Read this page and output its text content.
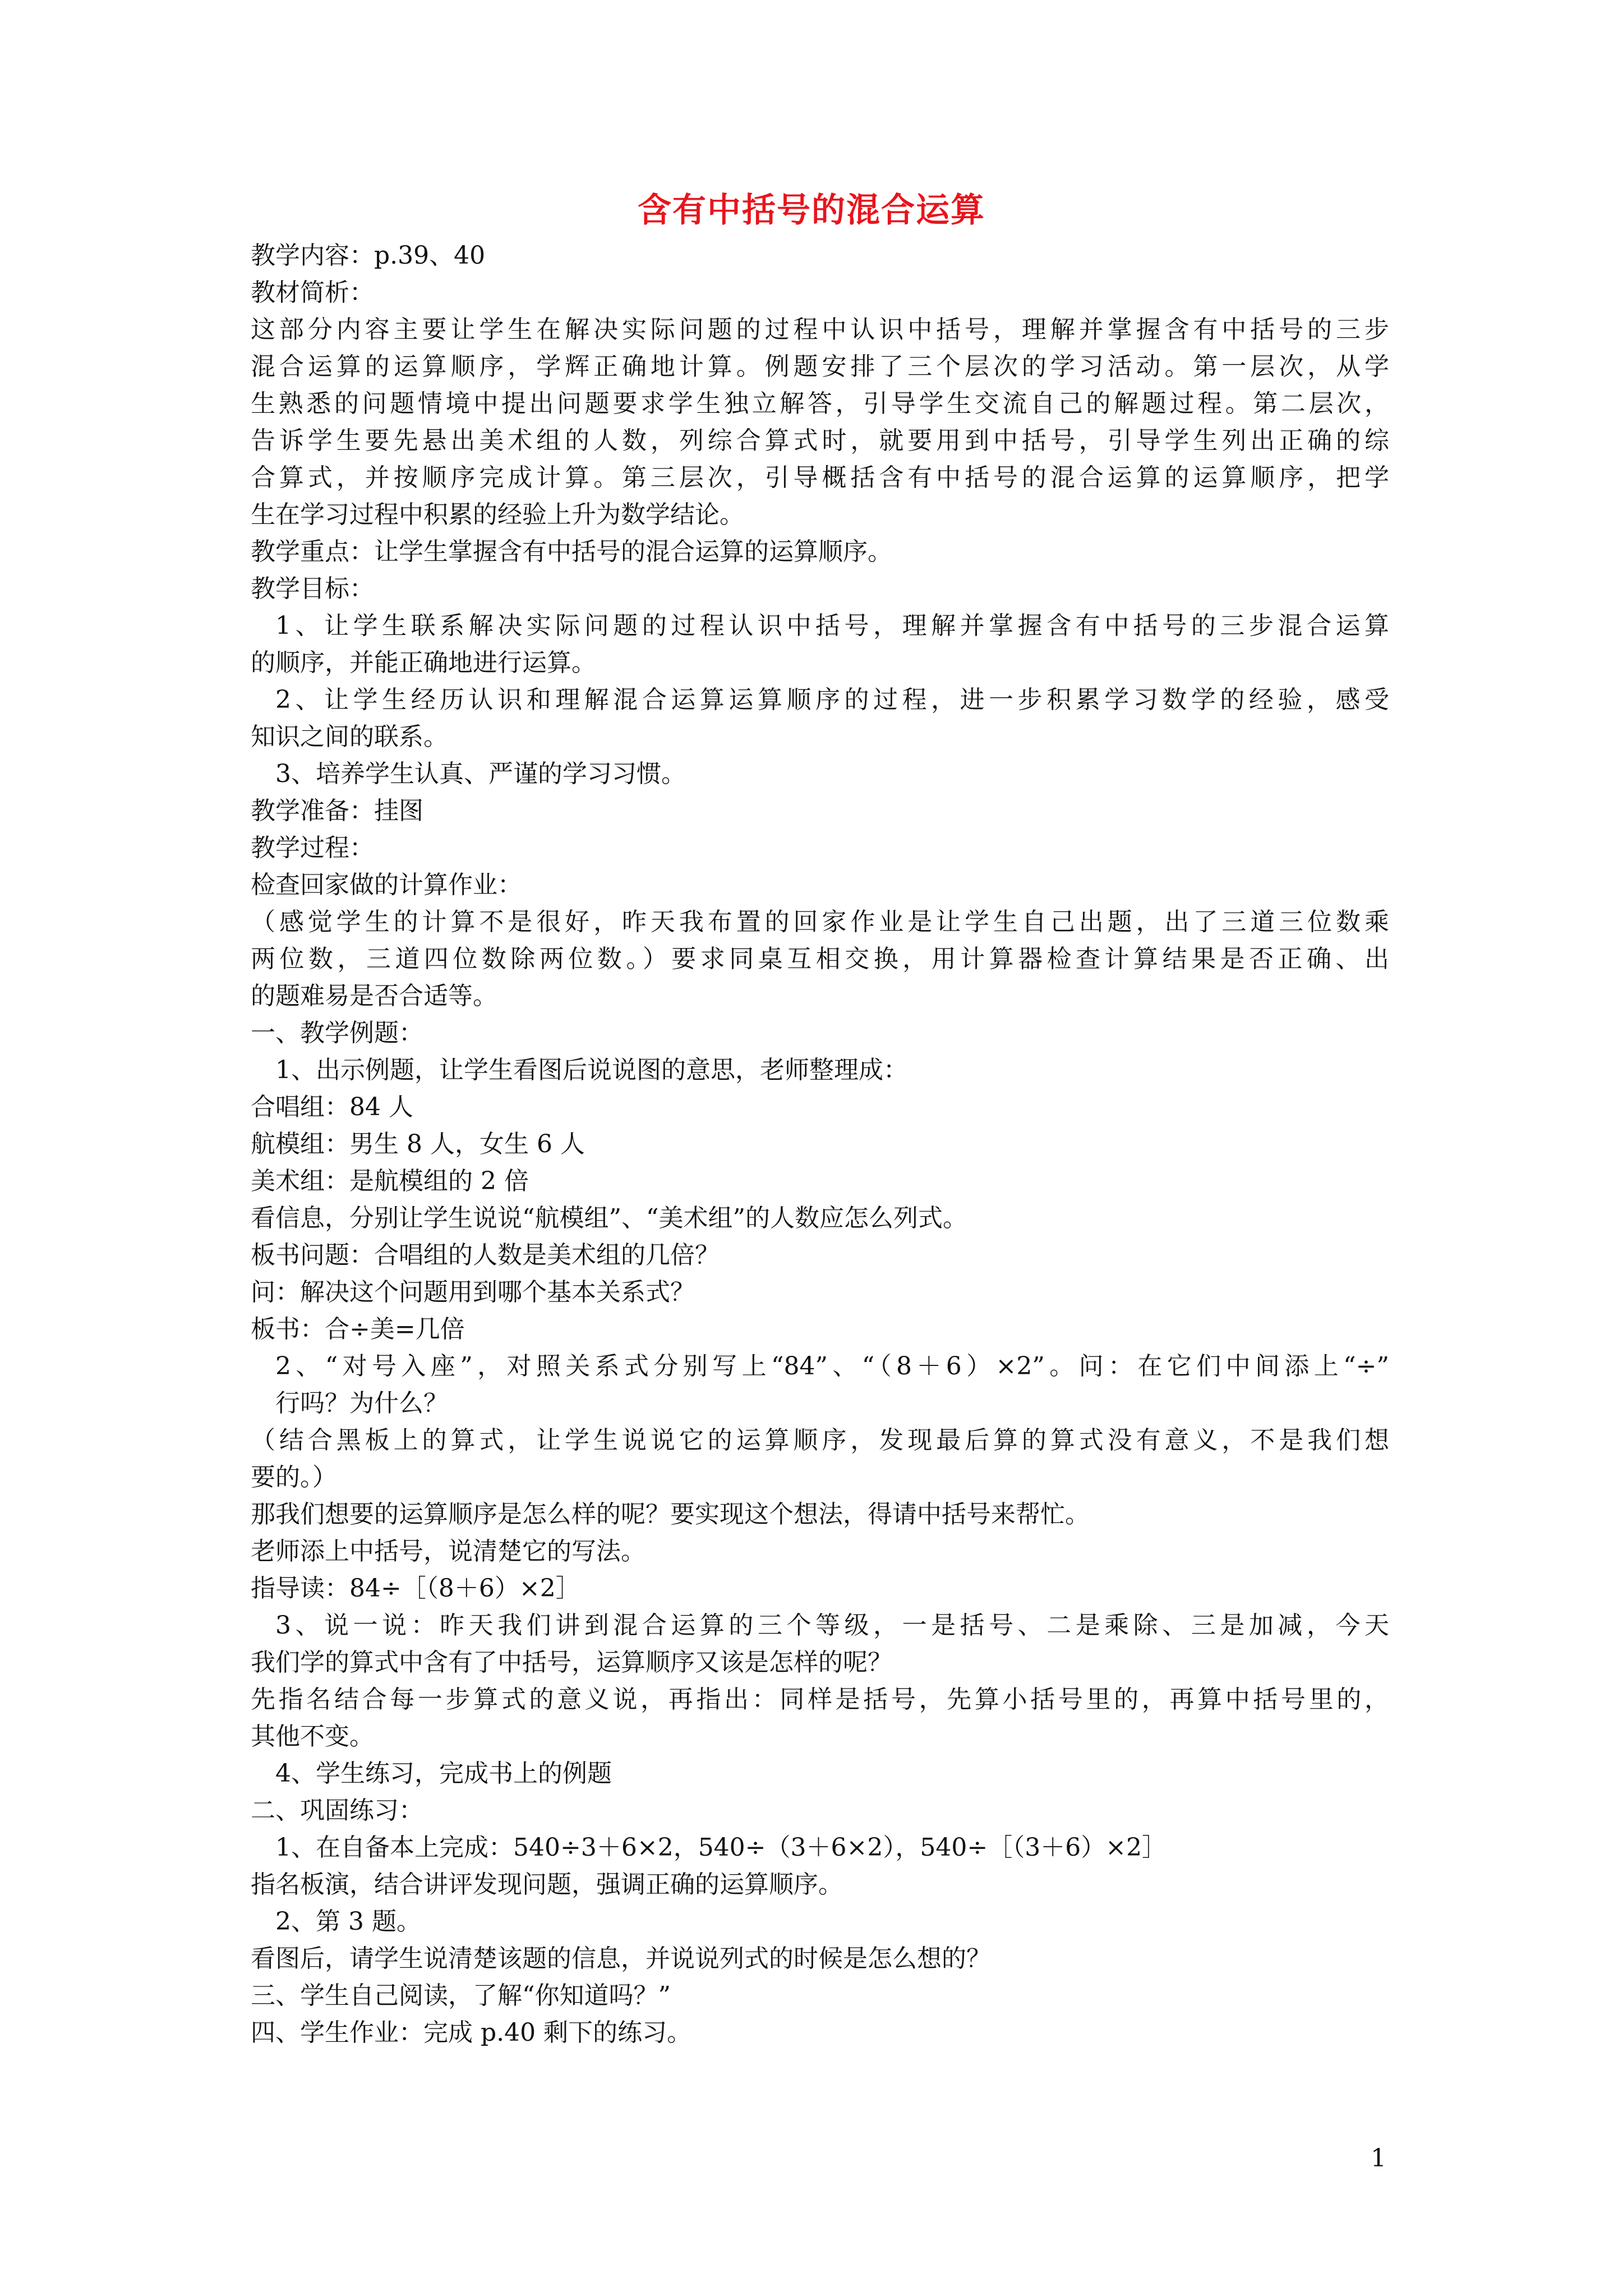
含有中括号的混合运算
教学内容：p.39、40
教材简析：
这部分内容主要让学生在解决实际问题的过程中认识中括号，理解并掌握含有中括号的三步
混合运算的运算顺序，学辉正确地计算。例题安排了三个层次的学习活动。第一层次，从学
生熟悉的问题情境中提出问题要求学生独立解答，引导学生交流自己的解题过程。第二层次，
告诉学生要先悬出美术组的人数，列综合算式时，就要用到中括号，引导学生列出正确的综
合算式，并按顺序完成计算。第三层次，引导概括含有中括号的混合运算的运算顺序，把学
生在学习过程中积累的经验上升为数学结论。
教学重点：让学生掌握含有中括号的混合运算的运算顺序。
教学目标：
1、让学生联系解决实际问题的过程认识中括号，理解并掌握含有中括号的三步混合运算
的顺序，并能正确地进行运算。
2、让学生经历认识和理解混合运算运算顺序的过程，进一步积累学习数学的经验，感受
知识之间的联系。
3、培养学生认真、严谨的学习习惯。
教学准备：挂图
教学过程：
检查回家做的计算作业：
（感觉学生的计算不是很好，昨天我布置的回家作业是让学生自己出题，出了三道三位数乘
两位数，三道四位数除两位数。）要求同桌互相交换，用计算器检查计算结果是否正确、出
的题难易是否合适等。
一、教学例题：
1、出示例题，让学生看图后说说图的意思，老师整理成：
合唱组：84 人
航模组：男生 8 人，女生 6 人
美术组：是航模组的 2 倍
看信息，分别让学生说说“航模组”、“美术组”的人数应怎么列式。
板书问题：合唱组的人数是美术组的几倍？
问：解决这个问题用到哪个基本关系式？
板书：合÷美=几倍
2、“对号入座”，对照关系式分别写上“84”、“（8＋6）×2”。问：在它们中间添上“÷”
行吗？为什么？
（结合黑板上的算式，让学生说说它的运算顺序，发现最后算的算式没有意义，不是我们想
要的。）
那我们想要的运算顺序是怎么样的呢？要实现这个想法，得请中括号来帮忙。
老师添上中括号，说清楚它的写法。
指导读：84÷［（8＋6）×2］
3、说一说：昨天我们讲到混合运算的三个等级，一是括号、二是乘除、三是加减，今天
我们学的算式中含有了中括号，运算顺序又该是怎样的呢？
先指名结合每一步算式的意义说，再指出：同样是括号，先算小括号里的，再算中括号里的，
其他不变。
4、学生练习，完成书上的例题
二、巩固练习：
1、在自备本上完成：540÷3＋6×2，540÷（3＋6×2），540÷［（3＋6）×2］
指名板演，结合讲评发现问题，强调正确的运算顺序。
2、第 3 题。
看图后，请学生说清楚该题的信息，并说说列式的时候是怎么想的？
三、学生自己阅读，了解“你知道吗？”
四、学生作业：完成 p.40 剩下的练习。
1
